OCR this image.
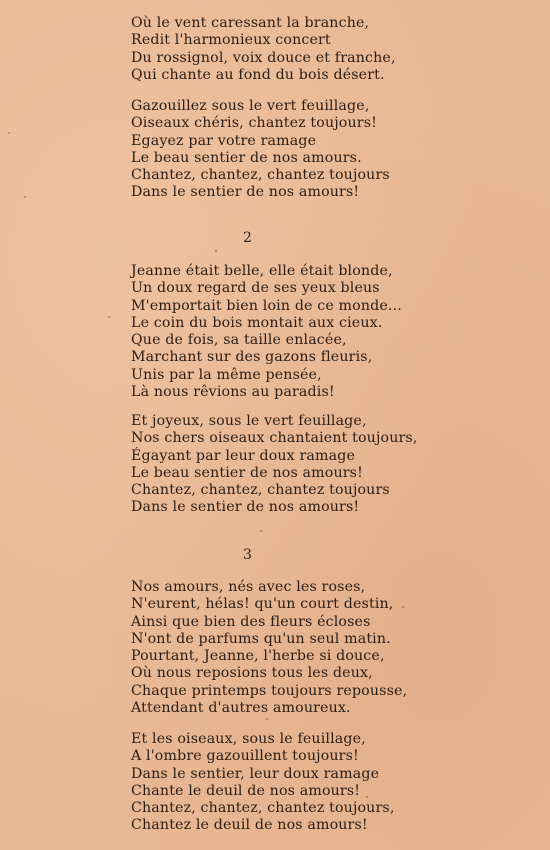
Où le vent caressant la branche,
Redit l'harmonieux concert
Du rossignol, voix douce et franche,
Qui chante au fond du bois désert.
Gazouillez sous le vert feuillage,
Oiseaux chéris, chantez toujours!
Egayez par votre ramage
Le beau sentier de nos amours.
Chantez, chantez, chantez toujours
Dans le sentier de nos amours!
2
Jeanne était belle, elle était blonde,
Un doux regard de ses yeux bleus
M'emportait bien loin de ce monde...
Le coin du bois montait aux cieux.
Que de fois, sa taille enlacée,
Marchant sur des gazons fleuris,
Unis par la même pensée,
Là nous rêvions au paradis!
Et joyeux, sous le vert feuillage,
Nos chers oiseaux chantaient toujours,
Égayant par leur doux ramage
Le beau sentier de nos amours!
Chantez, chantez, chantez toujours
Dans le sentier de nos amours!
3
Nos amours, nés avec les roses,
N'eurent, hélas! qu'un court destin,
Ainsi que bien des fleurs écloses
N'ont de parfums qu'un seul matin.
Pourtant, Jeanne, l'herbe si douce,
Où nous reposions tous les deux,
Chaque printemps toujours repousse,
Attendant d'autres amoureux.
Et les oiseaux, sous le feuillage,
A l'ombre gazouillent toujours!
Dans le sentier, leur doux ramage
Chante le deuil de nos amours!
Chantez, chantez, chantez toujours,
Chantez le deuil de nos amours!
